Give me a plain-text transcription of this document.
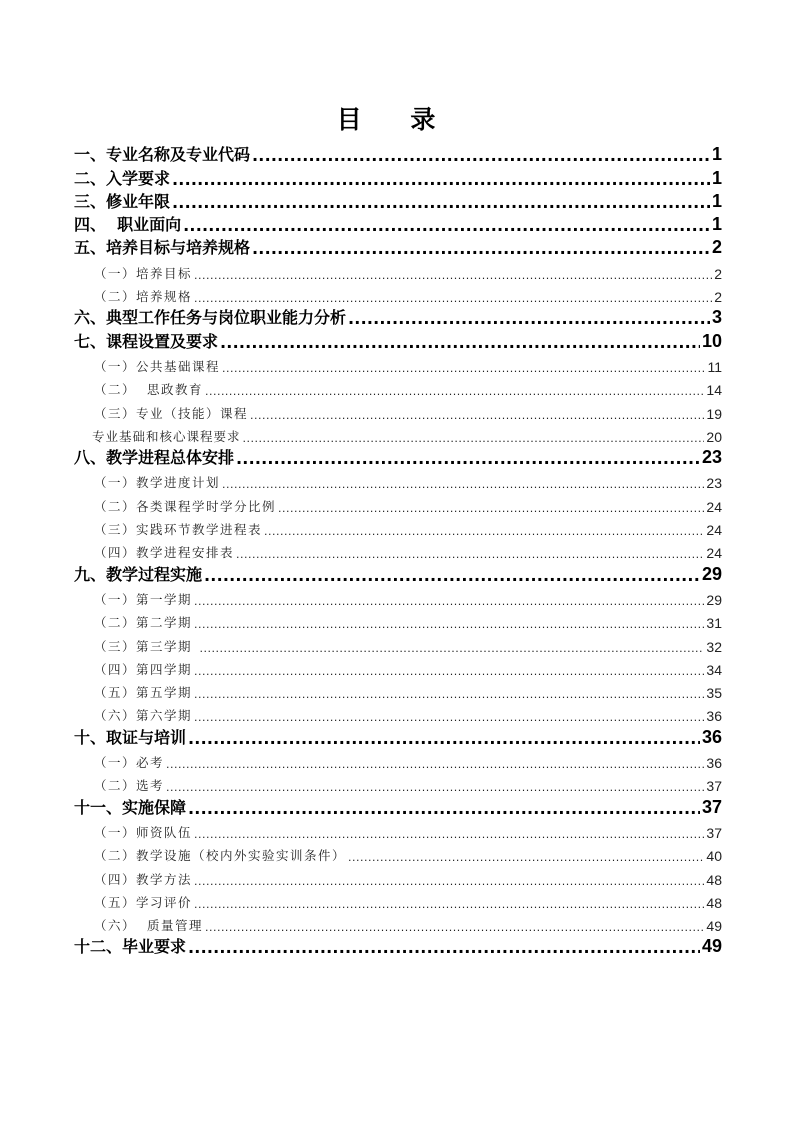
目 录
一、专业名称及专业代码 .....	1
二、入学要求 .....	1
三、修业年限 .....	1
四、  职业面向 .....	1
五、培养目标与培养规格 .....	2
（一）培养目标 .....	2
（二）培养规格 .....	2
六、典型工作任务与岗位职业能力分析 .....	3
七、课程设置及要求 .....	10
（一）公共基础课程 .....	11
（二）  思政教育 .....	14
（三）专业（技能）课程 .....	19
专业基础和核心课程要求 .....	20
八、教学进程总体安排 .....	23
（一）教学进度计划 .....	23
（二）各类课程学时学分比例 .....	24
（三）实践环节教学进程表 .....	24
（四）教学进程安排表 .....	24
九、教学过程实施 .....	29
（一）第一学期 .....	29
（二）第二学期 .....	31
（三）第三学期 .....	32
（四）第四学期 .....	34
（五）第五学期 .....	35
（六）第六学期 .....	36
十、取证与培训 .....	36
（一）必考 .....	36
（二）选考 .....	37
十一、实施保障 .....	37
（一）师资队伍 .....	37
（二）教学设施（校内外实验实训条件） .....	40
（四）教学方法 .....	48
（五）学习评价 .....	48
（六）  质量管理 .....	49
十二、毕业要求 .....	49
